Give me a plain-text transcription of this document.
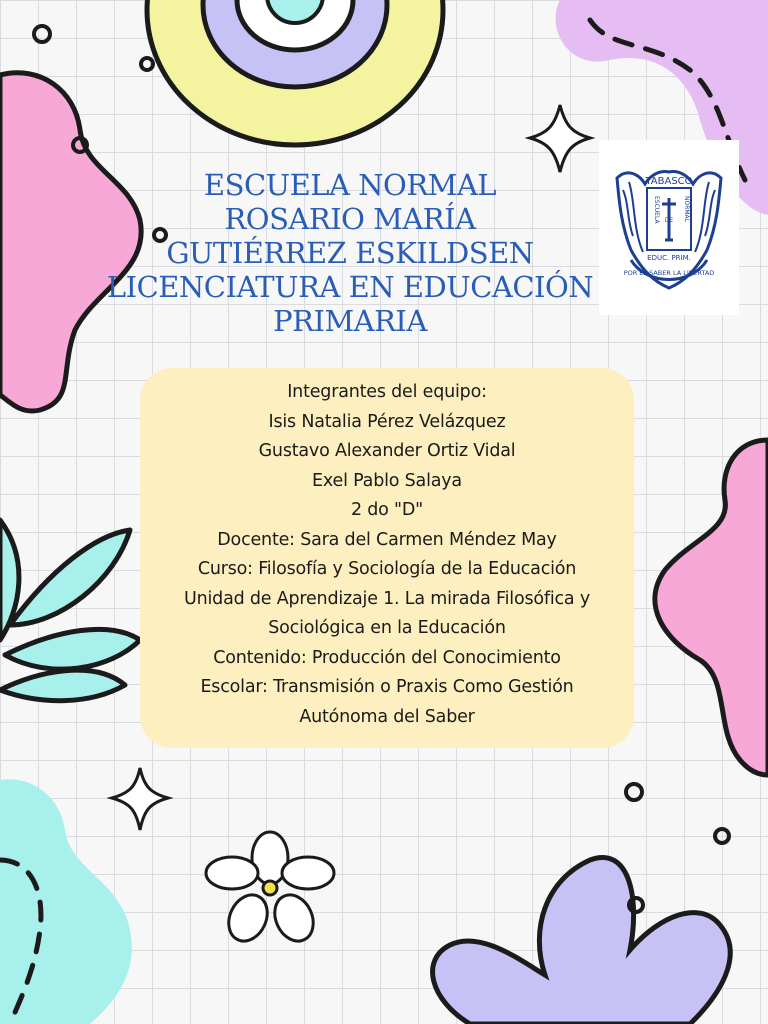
ESCUELA NORMAL
ROSARIO MARÍA
GUTIÉRREZ ESKILDSEN
LICENCIATURA EN EDUCACIÓN
PRIMARIA
TABASCO
ESCUELA	NORMAL
DE
EDUC. PRIM.
POR EL SABER LA LIBERTAD
Integrantes del equipo:
Isis Natalia Pérez Velázquez
Gustavo Alexander Ortiz Vidal
Exel Pablo Salaya
2 do "D"
Docente: Sara del Carmen Méndez May
Curso: Filosofía y Sociología de la Educación
Unidad de Aprendizaje 1. La mirada Filosófica y
Sociológica en la Educación
Contenido: Producción del Conocimiento
Escolar: Transmisión o Praxis Como Gestión
Autónoma del Saber
